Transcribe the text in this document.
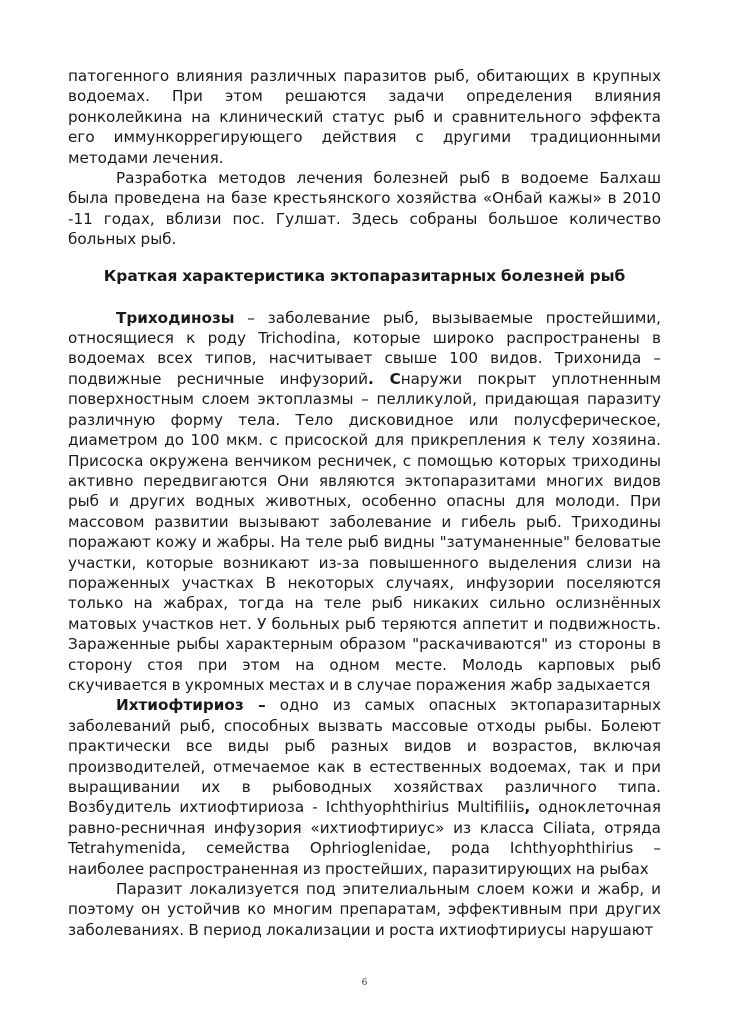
патогенного влияния различных паразитов рыб, обитающих в крупных водоемах. При этом решаются задачи определения влияния ронколейкина на клинический статус рыб и сравнительного эффекта его иммункоррегирующего действия с другими традиционными методами лечения.

Разработка методов лечения болезней рыб в водоеме Балхаш была проведена на базе крестьянского хозяйства «Онбай кажы» в 2010 -11 годах, вблизи пос. Гулшат. Здесь собраны большое количество больных рыб.

Краткая характеристика эктопаразитарных болезней рыб

Триходинозы – заболевание рыб, вызываемые простейшими, относящиеся к роду Trichodina, которые широко распространены в водоемах всех типов, насчитывает свыше 100 видов. Трихонида – подвижные ресничные инфузорий. Снаружи покрыт уплотненным поверхностным слоем эктоплазмы – пелликулой, придающая паразиту различную форму тела. Тело дисковидное или полусферическое, диаметром до 100 мкм. с присоской для прикрепления к телу хозяина. Присоска окружена венчиком ресничек, с помощью которых триходины активно передвигаются Они являются эктопаразитами многих видов рыб и других водных животных, особенно опасны для молоди. При массовом развитии вызывают заболевание и гибель рыб. Триходины поражают кожу и жабры. На теле рыб видны "затуманенные" беловатые участки, которые возникают из-за повышенного выделения слизи на пораженных участках В некоторых случаях, инфузории поселяются только на жабрах, тогда на теле рыб никаких сильно ослизнённых матовых участков нет. У больных рыб теряются аппетит и подвижность. Зараженные рыбы характерным образом "раскачиваются" из стороны в сторону стоя при этом на одном месте. Молодь карповых рыб скучивается в укромных местах и в случае поражения жабр задыхается

Ихтиофтириоз – одно из самых опасных эктопаразитарных заболеваний рыб, способных вызвать массовые отходы рыбы. Болеют практически все виды рыб разных видов и возрастов, включая производителей, отмечаемое как в естественных водоемах, так и при выращивании их в рыбоводных хозяйствах различного типа. Возбудитель ихтиофтириоза - Ichthyophthirius Multifiliis, одноклеточная равно-ресничная инфузория «ихтиофтириус» из класса Ciliata, отряда Tetrahymenida, семейства Ophrioglenidae, рода Ichthyophthirius – наиболее распространенная из простейших, паразитирующих на рыбах

Паразит локализуется под эпителиальным слоем кожи и жабр, и поэтому он устойчив ко многим препаратам, эффективным при других заболеваниях. В период локализации и роста ихтиофтириусы нарушают

6
